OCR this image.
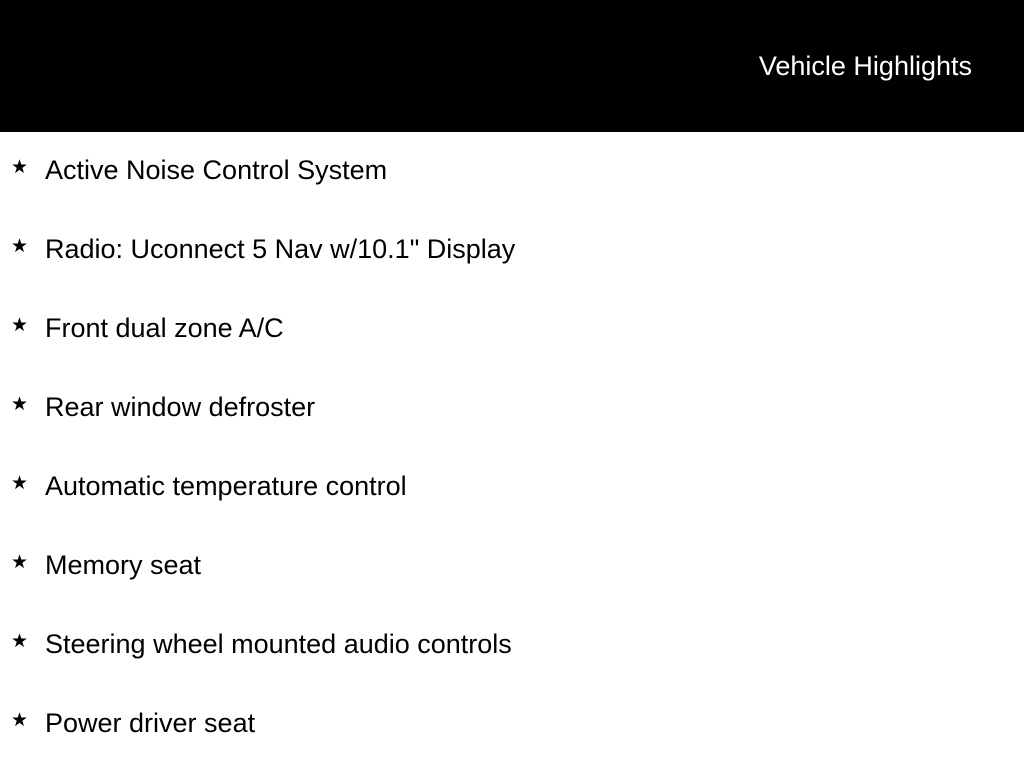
Vehicle Highlights
★ Active Noise Control System
★ Radio: Uconnect 5 Nav w/10.1" Display
★ Front dual zone A/C
★ Rear window defroster
★ Automatic temperature control
★ Memory seat
★ Steering wheel mounted audio controls
★ Power driver seat
